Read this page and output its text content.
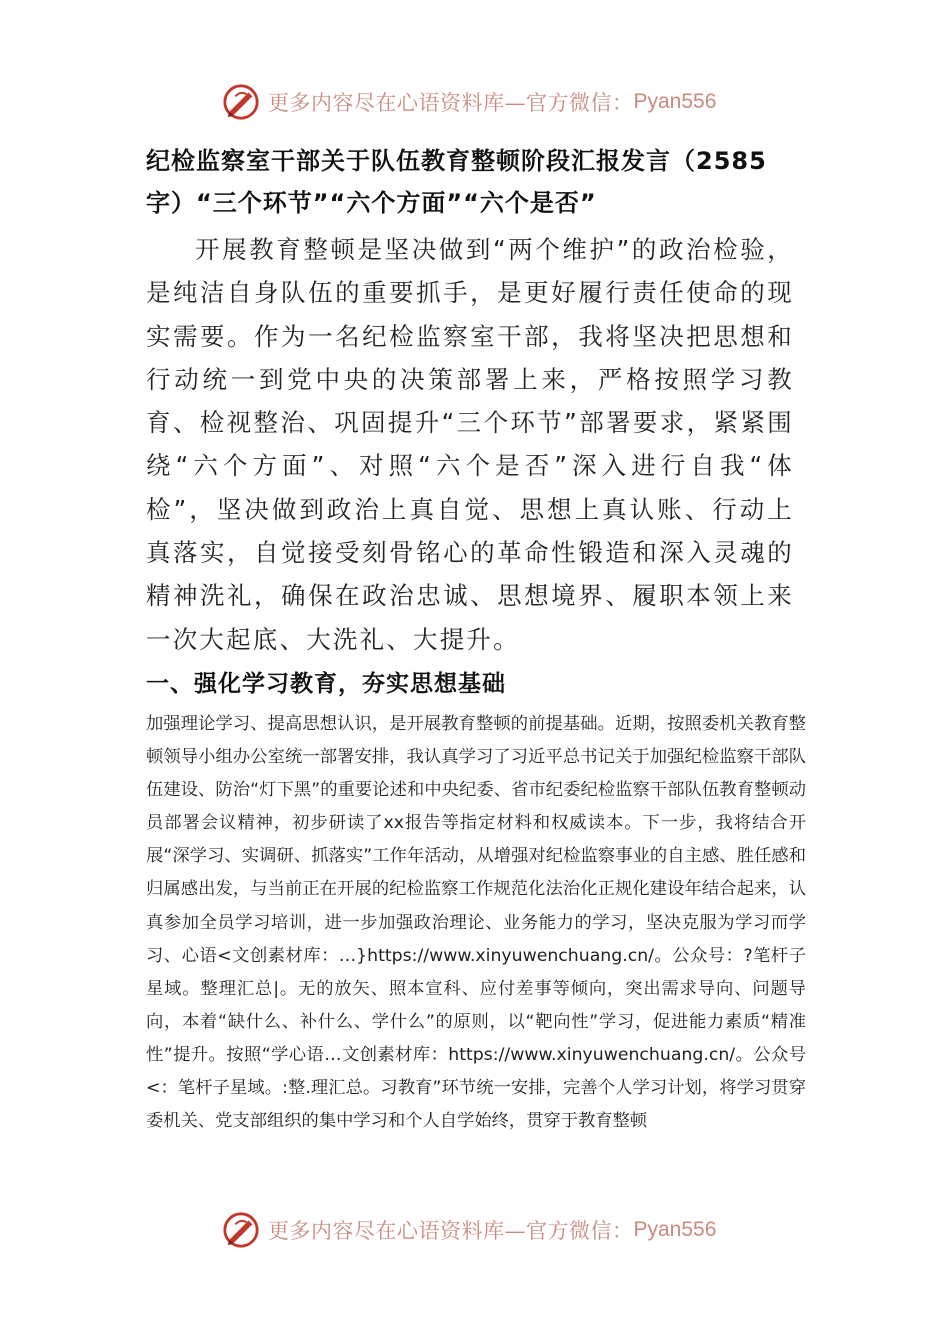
更多内容尽在心语资料库—官方微信： Pyan556
纪检监察室干部关于队伍教育整顿阶段汇报发言（2585字）“三个环节”“六个方面”“六个是否”
开展教育整顿是坚决做到“两个维护”的政治检验，是纯洁自身队伍的重要抓手，是更好履行责任使命的现实需要。作为一名纪检监察室干部，我将坚决把思想和行动统一到党中央的决策部署上来，严格按照学习教育、检视整治、巩固提升“三个环节”部署要求，紧紧围绕“六个方面”、对照“六个是否”深入进行自我“体检”，坚决做到政治上真自觉、思想上真认账、行动上真落实，自觉接受刻骨铭心的革命性锻造和深入灵魂的精神洗礼，确保在政治忠诚、思想境界、履职本领上来一次大起底、大洗礼、大提升。
一、强化学习教育，夯实思想基础
加强理论学习、提高思想认识，是开展教育整顿的前提基础。近期，按照委机关教育整顿领导小组办公室统一部署安排，我认真学习了习近平总书记关于加强纪检监察干部队伍建设、防治“灯下黑”的重要论述和中央纪委、省市纪委纪检监察干部队伍教育整顿动员部署会议精神，初步研读了xx报告等指定材料和权威读本。下一步，我将结合开展“深学习、实调研、抓落实”工作年活动，从增强对纪检监察事业的自主感、胜任感和归属感出发，与当前正在开展的纪检监察工作规范化法治化正规化建设年结合起来，认真参加全员学习培训，进一步加强政治理论、业务能力的学习，坚决克服为学习而学习、心语<文创素材库：…}https://www.xinyuwenchuang.cn/。公众号：?笔杆子星域。整理汇总|。无的放矢、照本宣科、应付差事等倾向，突出需求导向、问题导向，本着“缺什么、补什么、学什么”的原则，以“靶向性”学习，促进能力素质“精准性”提升。按照“学心语…文创素材库：https://www.xinyuwenchuang.cn/。公众号<：笔杆子星域。:整.理汇总。习教育”环节统一安排，完善个人学习计划，将学习贯穿委机关、党支部组织的集中学习和个人自学始终，贯穿于教育整顿
更多内容尽在心语资料库—官方微信： Pyan556
